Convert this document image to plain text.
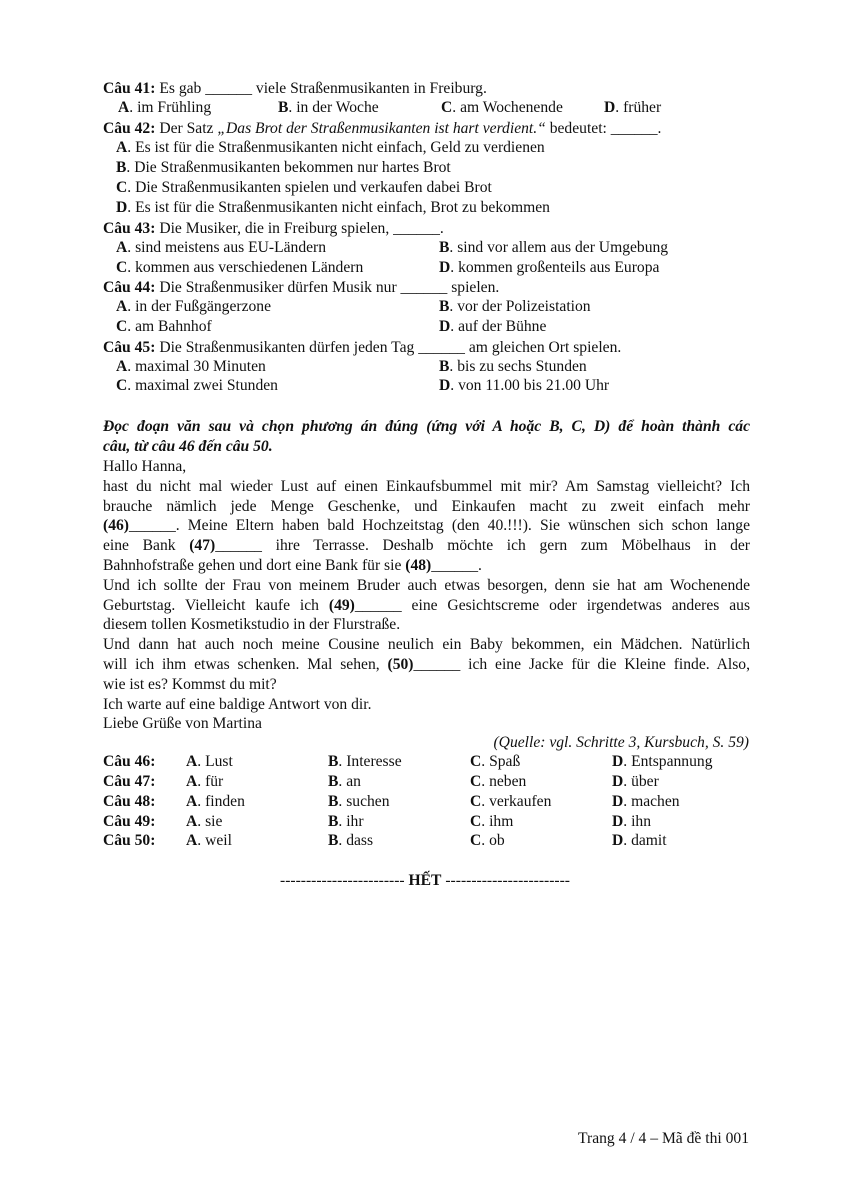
Câu 41: Es gab ______ viele Straßenmusikanten in Freiburg.
A. im Frühling	B. in der Woche	C. am Wochenende	D. früher
Câu 42: Der Satz „Das Brot der Straßenmusikanten ist hart verdient.“ bedeutet: ______.
A. Es ist für die Straßenmusikanten nicht einfach, Geld zu verdienen
B. Die Straßenmusikanten bekommen nur hartes Brot
C. Die Straßenmusikanten spielen und verkaufen dabei Brot
D. Es ist für die Straßenmusikanten nicht einfach, Brot zu bekommen
Câu 43: Die Musiker, die in Freiburg spielen, ______.
A. sind meistens aus EU-Ländern	B. sind vor allem aus der Umgebung
C. kommen aus verschiedenen Ländern	D. kommen großenteils aus Europa
Câu 44: Die Straßenmusiker dürfen Musik nur ______ spielen.
A. in der Fußgängerzone	B. vor der Polizeistation
C. am Bahnhof	D. auf der Bühne
Câu 45: Die Straßenmusikanten dürfen jeden Tag ______ am gleichen Ort spielen.
A. maximal 30 Minuten	B. bis zu sechs Stunden
C. maximal zwei Stunden	D. von 11.00 bis 21.00 Uhr
Đọc đoạn văn sau và chọn phương án đúng (ứng với A hoặc B, C, D) để hoàn thành các
câu, từ câu 46 đến câu 50.
Hallo Hanna,
hast du nicht mal wieder Lust auf einen Einkaufsbummel mit mir? Am Samstag vielleicht? Ich
brauche nämlich jede Menge Geschenke, und Einkaufen macht zu zweit einfach mehr
(46)______. Meine Eltern haben bald Hochzeitstag (den 40.!!!). Sie wünschen sich schon lange
eine Bank (47)______ ihre Terrasse. Deshalb möchte ich gern zum Möbelhaus in der
Bahnhofstraße gehen und dort eine Bank für sie (48)______.
Und ich sollte der Frau von meinem Bruder auch etwas besorgen, denn sie hat am Wochenende
Geburtstag. Vielleicht kaufe ich (49)______ eine Gesichtscreme oder irgendetwas anderes aus
diesem tollen Kosmetikstudio in der Flurstraße.
Und dann hat auch noch meine Cousine neulich ein Baby bekommen, ein Mädchen. Natürlich
will ich ihm etwas schenken. Mal sehen, (50)______ ich eine Jacke für die Kleine finde. Also,
wie ist es? Kommst du mit?
Ich warte auf eine baldige Antwort von dir.
Liebe Grüße von Martina
(Quelle: vgl. Schritte 3, Kursbuch, S. 59)
Câu 46: A. Lust	B. Interesse	C. Spaß	D. Entspannung
Câu 47: A. für	B. an	C. neben	D. über
Câu 48: A. finden	B. suchen	C. verkaufen	D. machen
Câu 49: A. sie	B. ihr	C. ihm	D. ihn
Câu 50: A. weil	B. dass	C. ob	D. damit
------------------------ HẾT ------------------------
Trang 4 / 4 – Mã đề thi 001
